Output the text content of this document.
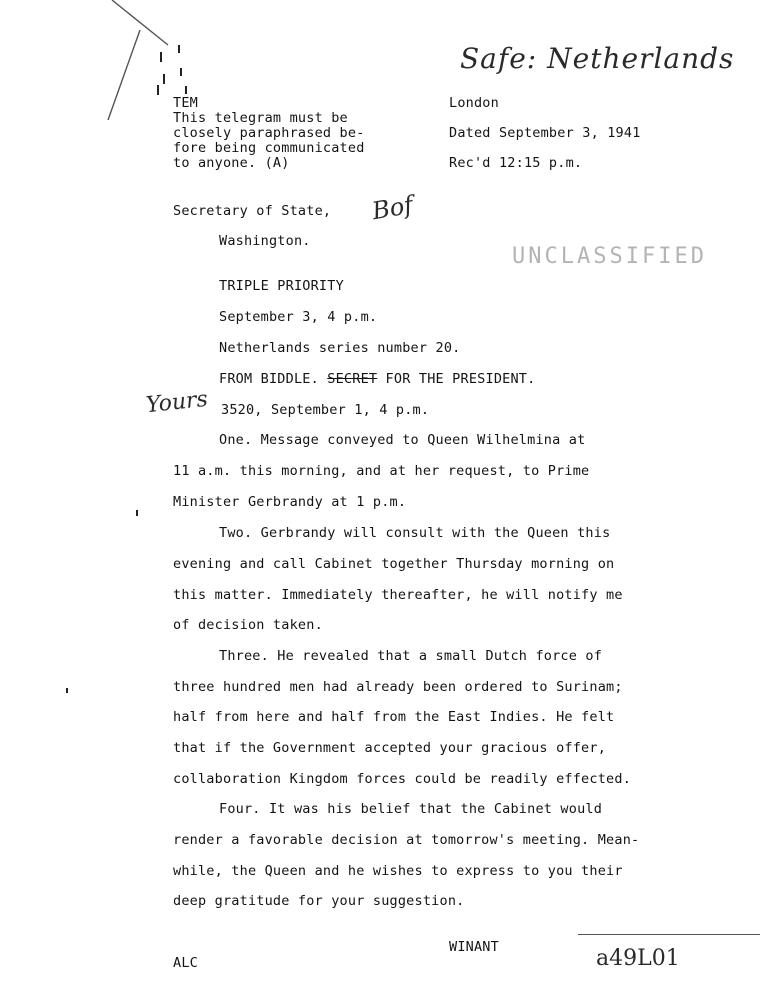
Safe: Netherlands
TEM
This telegram must be
closely paraphrased be-
fore being communicated
to anyone. (A)
London
Dated September 3, 1941
Rec'd 12:15 p.m.
Secretary of State, Bof
Washington.
UNCLASSIFIED
TRIPLE PRIORITY
September 3, 4 p.m.
Netherlands series number 20.
FROM BIDDLE. SECRET FOR THE PRESIDENT.
Yours 3520, September 1, 4 p.m.
One. Message conveyed to Queen Wilhelmina at
11 a.m. this morning, and at her request, to Prime
Minister Gerbrandy at 1 p.m.
Two. Gerbrandy will consult with the Queen this
evening and call Cabinet together Thursday morning on
this matter. Immediately thereafter, he will notify me
of decision taken.
Three. He revealed that a small Dutch force of
three hundred men had already been ordered to Surinam;
half from here and half from the East Indies. He felt
that if the Government accepted your gracious offer,
collaboration Kingdom forces could be readily effected.
Four. It was his belief that the Cabinet would
render a favorable decision at tomorrow's meeting. Mean-
while, the Queen and he wishes to express to you their
deep gratitude for your suggestion.
WINANT
ALC	a49L01
